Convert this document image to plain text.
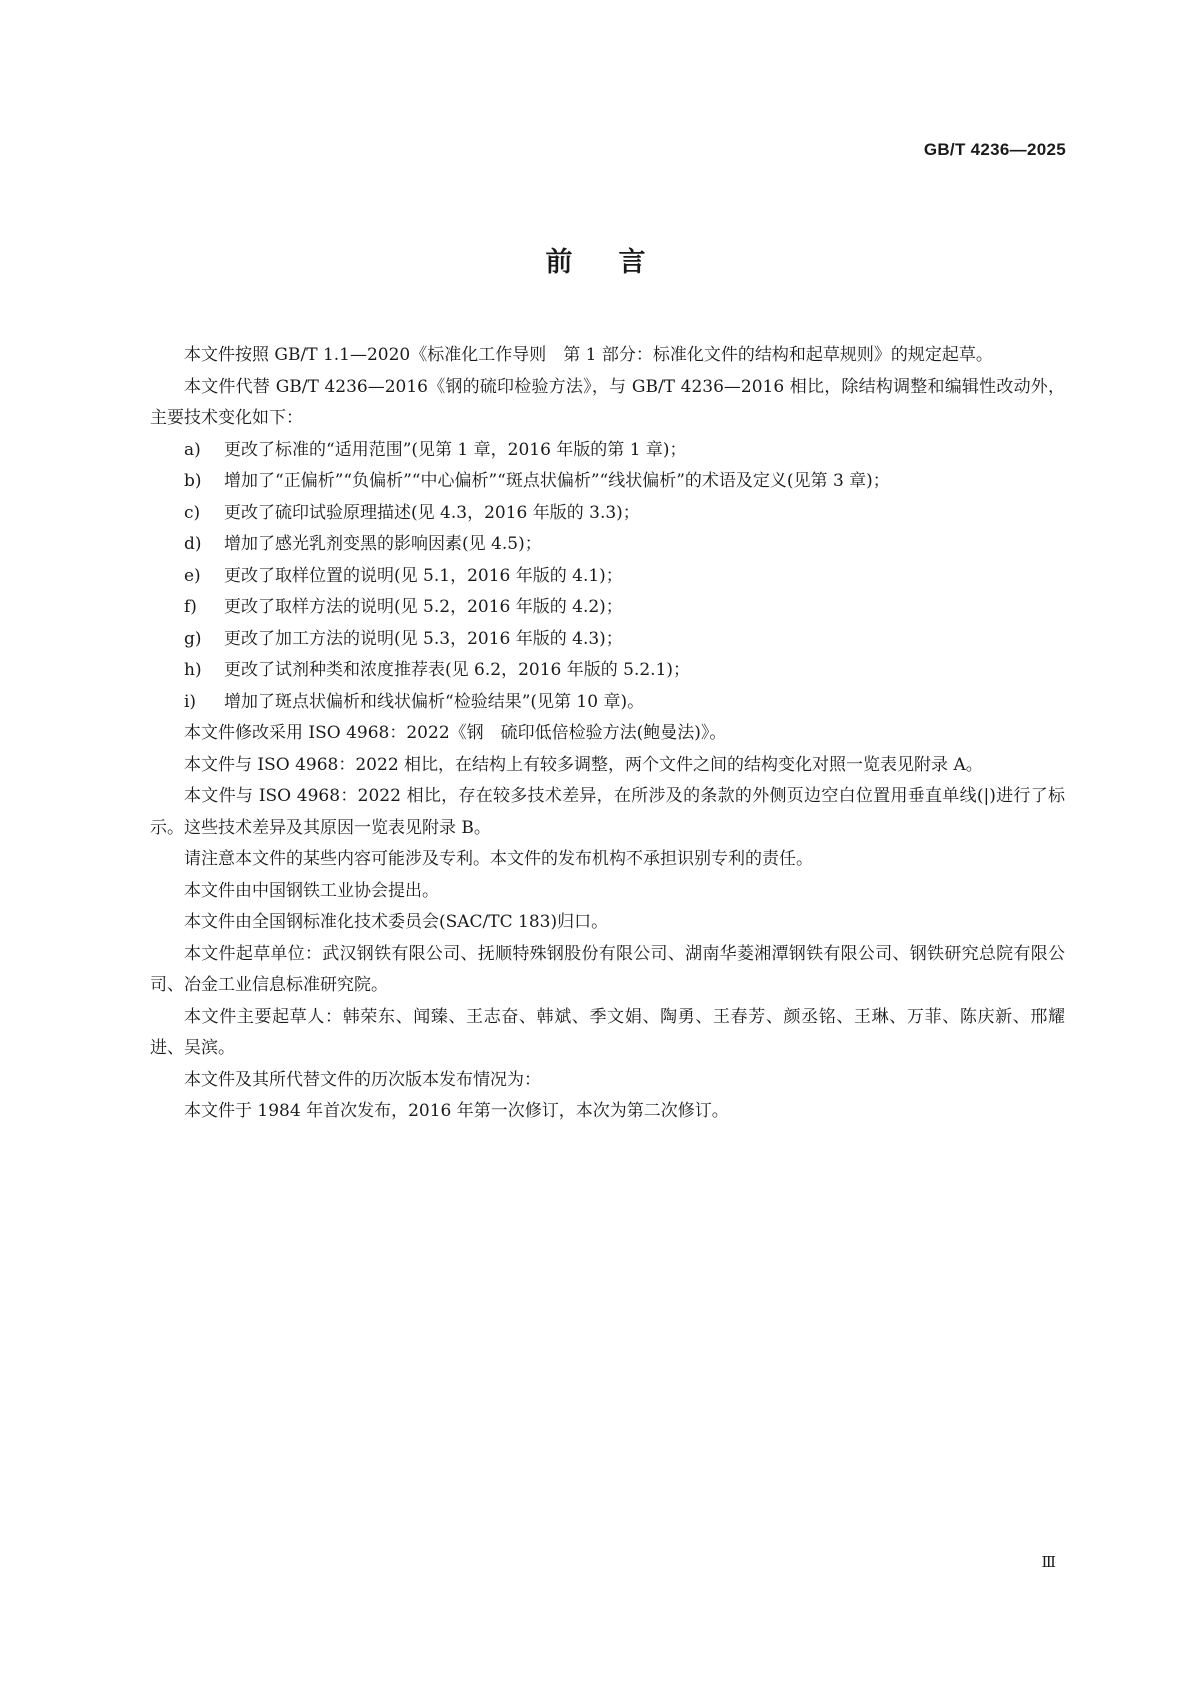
GB/T 4236—2025
前言

本文件按照 GB/T 1.1—2020《标准化工作导则　第 1 部分：标准化文件的结构和起草规则》的规定起草。

本文件代替 GB/T 4236—2016《钢的硫印检验方法》，与 GB/T 4236—2016 相比，除结构调整和编辑性改动外，主要技术变化如下：

a) 更改了标准的“适用范围”(见第 1 章，2016 年版的第 1 章)；

b) 增加了“正偏析”“负偏析”“中心偏析”“斑点状偏析”“线状偏析”的术语及定义(见第 3 章)；

c) 更改了硫印试验原理描述(见 4.3，2016 年版的 3.3)；

d) 增加了感光乳剂变黑的影响因素(见 4.5)；

e) 更改了取样位置的说明(见 5.1，2016 年版的 4.1)；

f) 更改了取样方法的说明(见 5.2，2016 年版的 4.2)；

g) 更改了加工方法的说明(见 5.3，2016 年版的 4.3)；

h) 更改了试剂种类和浓度推荐表(见 6.2，2016 年版的 5.2.1)；

i) 增加了斑点状偏析和线状偏析“检验结果”(见第 10 章)。

本文件修改采用 ISO 4968：2022《钢　硫印低倍检验方法(鲍曼法)》。

本文件与 ISO 4968：2022 相比，在结构上有较多调整，两个文件之间的结构变化对照一览表见附录 A。

本文件与 ISO 4968：2022 相比，存在较多技术差异，在所涉及的条款的外侧页边空白位置用垂直单线(|)进行了标示。这些技术差异及其原因一览表见附录 B。

请注意本文件的某些内容可能涉及专利。本文件的发布机构不承担识别专利的责任。

本文件由中国钢铁工业协会提出。

本文件由全国钢标准化技术委员会(SAC/TC 183)归口。

本文件起草单位：武汉钢铁有限公司、抚顺特殊钢股份有限公司、湖南华菱湘潭钢铁有限公司、钢铁研究总院有限公司、冶金工业信息标准研究院。

本文件主要起草人：韩荣东、闻臻、王志奋、韩斌、季文娟、陶勇、王春芳、颜丞铭、王琳、万菲、陈庆新、邢耀进、吴滨。

本文件及其所代替文件的历次版本发布情况为：

本文件于 1984 年首次发布，2016 年第一次修订，本次为第二次修订。

Ⅲ
